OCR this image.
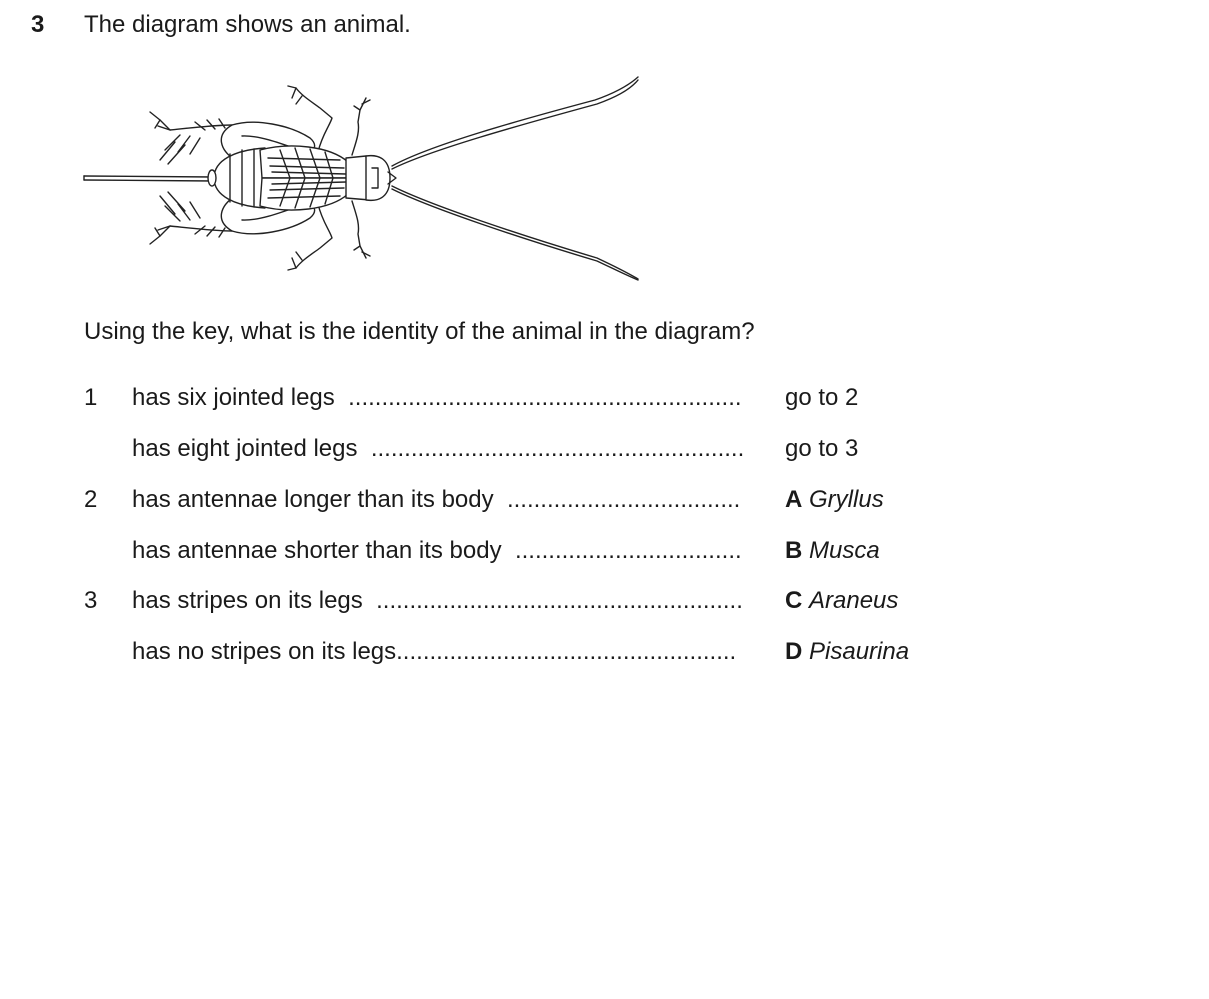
3 The diagram shows an animal.
Using the key, what is the identity of the animal in the diagram?
1 has six jointed legs ........................................................... go to 2
has eight jointed legs ........................................................ go to 3
2 has antennae longer than its body ................................... A Gryllus
has antennae shorter than its body .................................. B Musca
3 has stripes on its legs ....................................................... C Araneus
has no stripes on its legs................................................... D Pisaurina
